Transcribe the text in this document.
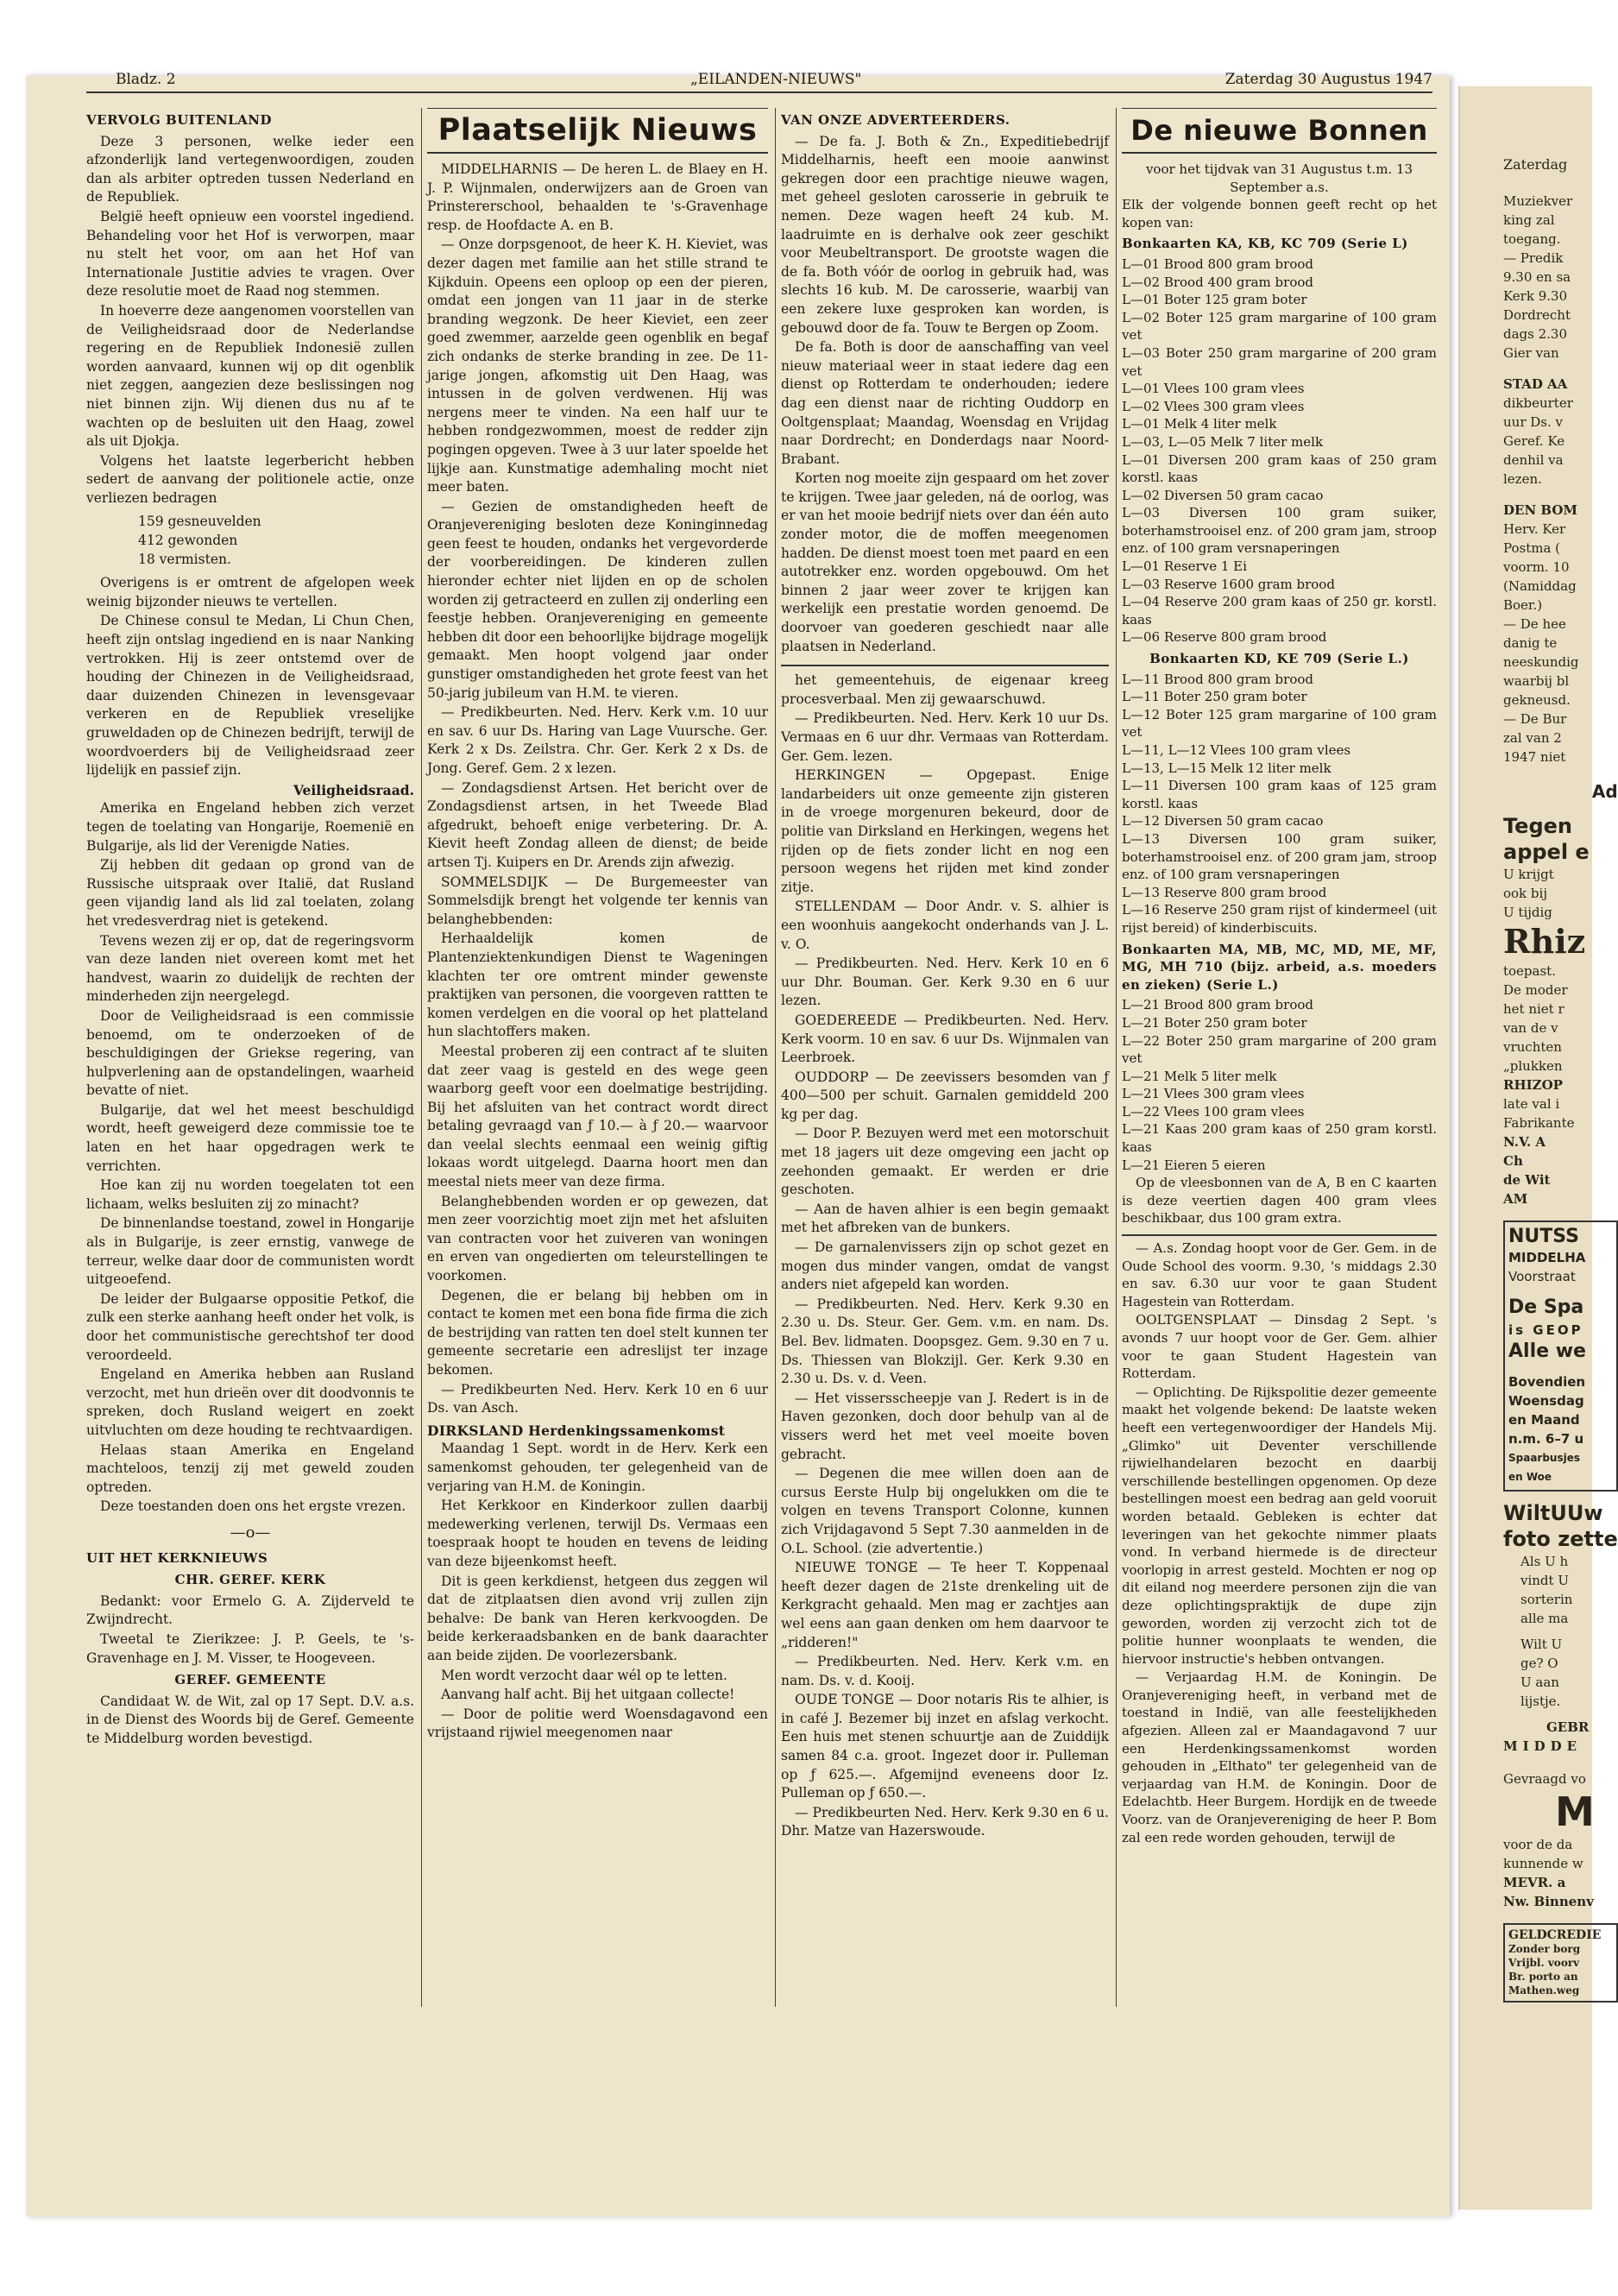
Zaterdag
Muziekver
king zal
toegang.
— Predik
9.30 en sa
Kerk 9.30
Dordrecht
dags 2.30
Gier van
STAD AA
dikbeurter
uur Ds. v
Geref. Ke
denhil va
lezen.
DEN BOM
Herv. Ker
Postma (
voorm. 10
(Namiddag
Boer.)
— De hee
danig te
neeskundig
waarbij bl
gekneusd.
— De Bur
zal van 2
1947 niet
Ad
Tegen
appel e
U krijgt
ook bij
U tijdig
Rhiz
toepast.
De moder
het niet r
van de v
vruchten
„plukken
RHIZOP
late val i
Fabrikante
N.V. A
Ch
de Wit
AM
NUTSS
MIDDELHA
Voorstraat
De Spa
is GEOP
Alle we
Bovendien
Woensdag
en Maand
n.m. 6–7 u
Spaarbusjes
en Woe
WiltUUw
foto zette
Als U h
vindt U
sorterin
alle ma
Wilt U
ge? O
U aan
lijstje.
GEBR
MIDDE
Gevraagd vo
M
voor de da
kunnende w
MEVR. a
Nw. Binnenv
GELDCREDIE
Zonder borg
Vrijbl. voorv
Br. porto an
Mathen.weg
Bladz. 2	„EILANDEN-NIEUWS"	Zaterdag 30 Augustus 1947
VERVOLG BUITENLAND

Deze 3 personen, welke ieder een afzonderlijk land vertegenwoordigen, zouden dan als arbiter optreden tussen Nederland en de Republiek.

België heeft opnieuw een voorstel ingediend. Behandeling voor het Hof is verworpen, maar nu stelt het voor, om aan het Hof van Internationale Justitie advies te vragen. Over deze resolutie moet de Raad nog stemmen.

In hoeverre deze aangenomen voorstellen van de Veiligheidsraad door de Nederlandse regering en de Republiek Indonesië zullen worden aanvaard, kunnen wij op dit ogenblik niet zeggen, aangezien deze beslissingen nog niet binnen zijn. Wij dienen dus nu af te wachten op de besluiten uit den Haag, zowel als uit Djokja.

Volgens het laatste legerbericht hebben sedert de aanvang der politionele actie, onze verliezen bedragen

159 gesneuvelden
412 gewonden
18 vermisten.

Overigens is er omtrent de afgelopen week weinig bijzonder nieuws te vertellen.

De Chinese consul te Medan, Li Chun Chen, heeft zijn ontslag ingediend en is naar Nanking vertrokken. Hij is zeer ontstemd over de houding der Chinezen in de Veiligheidsraad, daar duizenden Chinezen in levensgevaar verkeren en de Republiek vreselijke gruweldaden op de Chinezen bedrijft, terwijl de woordvoerders bij de Veiligheidsraad zeer lijdelijk en passief zijn.

Veiligheidsraad.

Amerika en Engeland hebben zich verzet tegen de toelating van Hongarije, Roemenië en Bulgarije, als lid der Verenigde Naties.

Zij hebben dit gedaan op grond van de Russische uitspraak over Italië, dat Rusland geen vijandig land als lid zal toelaten, zolang het vredesverdrag niet is getekend.

Tevens wezen zij er op, dat de regeringsvorm van deze landen niet overeen komt met het handvest, waarin zo duidelijk de rechten der minderheden zijn neergelegd.

Door de Veiligheidsraad is een commissie benoemd, om te onderzoeken of de beschuldigingen der Griekse regering, van hulpverlening aan de opstandelingen, waarheid bevatte of niet.

Bulgarije, dat wel het meest beschuldigd wordt, heeft geweigerd deze commissie toe te laten en het haar opgedragen werk te verrichten.

Hoe kan zij nu worden toegelaten tot een lichaam, welks besluiten zij zo minacht?

De binnenlandse toestand, zowel in Hongarije als in Bulgarije, is zeer ernstig, vanwege de terreur, welke daar door de communisten wordt uitgeoefend.

De leider der Bulgaarse oppositie Petkof, die zulk een sterke aanhang heeft onder het volk, is door het communistische gerechtshof ter dood veroordeeld.

Engeland en Amerika hebben aan Rusland verzocht, met hun drieën over dit doodvonnis te spreken, doch Rusland weigert en zoekt uitvluchten om deze houding te rechtvaardigen.

Helaas staan Amerika en Engeland machteloos, tenzij zij met geweld zouden optreden.

Deze toestanden doen ons het ergste vrezen.

—o—
UIT HET KERKNIEUWS
CHR. GEREF. KERK

Bedankt: voor Ermelo G. A. Zijderveld te Zwijndrecht.

Tweetal te Zierikzee: J. P. Geels, te 's-Gravenhage en J. M. Visser, te Hoogeveen.

GEREF. GEMEENTE

Candidaat W. de Wit, zal op 17 Sept. D.V. a.s. in de Dienst des Woords bij de Geref. Gemeente te Middelburg worden bevestigd.

Plaatselijk Nieuws

MIDDELHARNIS — De heren L. de Blaey en H. J. P. Wijnmalen, onderwijzers aan de Groen van Prinstererschool, behaalden te 's-Gravenhage resp. de Hoofdacte A. en B.

— Onze dorpsgenoot, de heer K. H. Kieviet, was dezer dagen met familie aan het stille strand te Kijkduin. Opeens een oploop op een der pieren, omdat een jongen van 11 jaar in de sterke branding wegzonk. De heer Kieviet, een zeer goed zwemmer, aarzelde geen ogenblik en begaf zich ondanks de sterke branding in zee. De 11-jarige jongen, afkomstig uit Den Haag, was intussen in de golven verdwenen. Hij was nergens meer te vinden. Na een half uur te hebben rondgezwommen, moest de redder zijn pogingen opgeven. Twee à 3 uur later spoelde het lijkje aan. Kunstmatige ademhaling mocht niet meer baten.

— Gezien de omstandigheden heeft de Oranjevereniging besloten deze Koninginnedag geen feest te houden, ondanks het vergevorderde der voorbereidingen. De kinderen zullen hieronder echter niet lijden en op de scholen worden zij getracteerd en zullen zij onderling een feestje hebben. Oranjevereniging en gemeente hebben dit door een behoorlijke bijdrage mogelijk gemaakt. Men hoopt volgend jaar onder gunstiger omstandigheden het grote feest van het 50-jarig jubileum van H.M. te vieren.

— Predikbeurten. Ned. Herv. Kerk v.m. 10 uur en sav. 6 uur Ds. Haring van Lage Vuursche. Ger. Kerk 2 x Ds. Zeilstra. Chr. Ger. Kerk 2 x Ds. de Jong. Geref. Gem. 2 x lezen.

— Zondagsdienst Artsen. Het bericht over de Zondagsdienst artsen, in het Tweede Blad afgedrukt, behoeft enige verbetering. Dr. A. Kievit heeft Zondag alleen de dienst; de beide artsen Tj. Kuipers en Dr. Arends zijn afwezig.

SOMMELSDIJK — De Burgemeester van Sommelsdijk brengt het volgende ter kennis van belanghebbenden:

Herhaaldelijk komen de Plantenziektenkundigen Dienst te Wageningen klachten ter ore omtrent minder gewenste praktijken van personen, die voorgeven rattten te komen verdelgen en die vooral op het platteland hun slachtoffers maken.

Meestal proberen zij een contract af te sluiten dat zeer vaag is gesteld en des wege geen waarborg geeft voor een doelmatige bestrijding. Bij het afsluiten van het contract wordt direct betaling gevraagd van ƒ 10.— à ƒ 20.— waarvoor dan veelal slechts eenmaal een weinig giftig lokaas wordt uitgelegd. Daarna hoort men dan meestal niets meer van deze firma.

Belanghebbenden worden er op gewezen, dat men zeer voorzichtig moet zijn met het afsluiten van contracten voor het zuiveren van woningen en erven van ongedierten om teleurstellingen te voorkomen.

Degenen, die er belang bij hebben om in contact te komen met een bona fide firma die zich de bestrijding van ratten ten doel stelt kunnen ter gemeente secretarie een adreslijst ter inzage bekomen.

— Predikbeurten Ned. Herv. Kerk 10 en 6 uur Ds. van Asch.

DIRKSLAND Herdenkingssamenkomst

Maandag 1 Sept. wordt in de Herv. Kerk een samenkomst gehouden, ter gelegenheid van de verjaring van H.M. de Koningin.

Het Kerkkoor en Kinderkoor zullen daarbij medewerking verlenen, terwijl Ds. Vermaas een toespraak hoopt te houden en tevens de leiding van deze bijeenkomst heeft.

Dit is geen kerkdienst, hetgeen dus zeggen wil dat de zitplaatsen dien avond vrij zullen zijn behalve: De bank van Heren kerkvoogden. De beide kerkeraadsbanken en de bank daarachter aan beide zijden. De voorlezersbank.

Men wordt verzocht daar wél op te letten.

Aanvang half acht. Bij het uitgaan collecte!

— Door de politie werd Woensdagavond een vrijstaand rijwiel meegenomen naar

VAN ONZE ADVERTEERDERS.

— De fa. J. Both & Zn., Expeditiebedrijf Middelharnis, heeft een mooie aanwinst gekregen door een prachtige nieuwe wagen, met geheel gesloten carosserie in gebruik te nemen. Deze wagen heeft 24 kub. M. laadruimte en is derhalve ook zeer geschikt voor Meubeltransport. De grootste wagen die de fa. Both vóór de oorlog in gebruik had, was slechts 16 kub. M. De carosserie, waarbij van een zekere luxe gesproken kan worden, is gebouwd door de fa. Touw te Bergen op Zoom.

De fa. Both is door de aanschaffing van veel nieuw materiaal weer in staat iedere dag een dienst op Rotterdam te onderhouden; iedere dag een dienst naar de richting Ouddorp en Ooltgensplaat; Maandag, Woensdag en Vrijdag naar Dordrecht; en Donderdags naar Noord-Brabant.

Korten nog moeite zijn gespaard om het zover te krijgen. Twee jaar geleden, ná de oorlog, was er van het mooie bedrijf niets over dan één auto zonder motor, die de moffen meegenomen hadden. De dienst moest toen met paard en een autotrekker enz. worden opgebouwd. Om het binnen 2 jaar weer zover te krijgen kan werkelijk een prestatie worden genoemd. De doorvoer van goederen geschiedt naar alle plaatsen in Nederland.

het gemeentehuis, de eigenaar kreeg procesverbaal. Men zij gewaarschuwd.

— Predikbeurten. Ned. Herv. Kerk 10 uur Ds. Vermaas en 6 uur dhr. Vermaas van Rotterdam. Ger. Gem. lezen.

HERKINGEN — Opgepast. Enige landarbeiders uit onze gemeente zijn gisteren in de vroege morgenuren bekeurd, door de politie van Dirksland en Herkingen, wegens het rijden op de fiets zonder licht en nog een persoon wegens het rijden met kind zonder zitje.

STELLENDAM — Door Andr. v. S. alhier is een woonhuis aangekocht onderhands van J. L. v. O.

— Predikbeurten. Ned. Herv. Kerk 10 en 6 uur Dhr. Bouman. Ger. Kerk 9.30 en 6 uur lezen.

GOEDEREEDE — Predikbeurten. Ned. Herv. Kerk voorm. 10 en sav. 6 uur Ds. Wijnmalen van Leerbroek.

OUDDORP — De zeevissers besomden van ƒ 400—500 per schuit. Garnalen gemiddeld 200 kg per dag.

— Door P. Bezuyen werd met een motorschuit met 18 jagers uit deze omgeving een jacht op zeehonden gemaakt. Er werden er drie geschoten.

— Aan de haven alhier is een begin gemaakt met het afbreken van de bunkers.

— De garnalenvissers zijn op schot gezet en mogen dus minder vangen, omdat de vangst anders niet afgepeld kan worden.

— Predikbeurten. Ned. Herv. Kerk 9.30 en 2.30 u. Ds. Steur. Ger. Gem. v.m. en nam. Ds. Bel. Bev. lidmaten. Doopsgez. Gem. 9.30 en 7 u. Ds. Thiessen van Blokzijl. Ger. Kerk 9.30 en 2.30 u. Ds. v. d. Veen.

— Het vissersscheepje van J. Redert is in de Haven gezonken, doch door behulp van al de vissers werd het met veel moeite boven gebracht.

— Degenen die mee willen doen aan de cursus Eerste Hulp bij ongelukken om die te volgen en tevens Transport Colonne, kunnen zich Vrijdagavond 5 Sept 7.30 aanmelden in de O.L. School. (zie advertentie.)

NIEUWE TONGE — Te heer T. Koppenaal heeft dezer dagen de 21ste drenkeling uit de Kerkgracht gehaald. Men mag er zachtjes aan wel eens aan gaan denken om hem daarvoor te „ridderen!"

— Predikbeurten. Ned. Herv. Kerk v.m. en nam. Ds. v. d. Kooij.

OUDE TONGE — Door notaris Ris te alhier, is in café J. Bezemer bij inzet en afslag verkocht. Een huis met stenen schuurtje aan de Zuiddijk samen 84 c.a. groot. Ingezet door ir. Pulleman op ƒ 625.—. Afgemijnd eveneens door Iz. Pulleman op ƒ 650.—.

— Predikbeurten Ned. Herv. Kerk 9.30 en 6 u. Dhr. Matze van Hazerswoude.

De nieuwe Bonnen
voor het tijdvak van 31 Augustus t.m. 13 September a.s.

Elk der volgende bonnen geeft recht op het kopen van:

Bonkaarten KA, KB, KC 709 (Serie L)
L—01 Brood 800 gram brood
L—02 Brood 400 gram brood
L—01 Boter 125 gram boter
L—02 Boter 125 gram margarine of 100 gram vet
L—03 Boter 250 gram margarine of 200 gram vet
L—01 Vlees 100 gram vlees
L—02 Vlees 300 gram vlees
L—01 Melk 4 liter melk
L—03, L—05 Melk 7 liter melk
L—01 Diversen 200 gram kaas of 250 gram korstl. kaas
L—02 Diversen 50 gram cacao
L—03 Diversen 100 gram suiker, boterhamstrooisel enz. of 200 gram jam, stroop enz. of 100 gram versnaperingen
L—01 Reserve 1 Ei
L—03 Reserve 1600 gram brood
L—04 Reserve 200 gram kaas of 250 gr. korstl. kaas
L—06 Reserve 800 gram brood
Bonkaarten KD, KE 709 (Serie L.)
L—11 Brood 800 gram brood
L—11 Boter 250 gram boter
L—12 Boter 125 gram margarine of 100 gram vet
L—11, L—12 Vlees 100 gram vlees
L—13, L—15 Melk 12 liter melk
L—11 Diversen 100 gram kaas of 125 gram korstl. kaas
L—12 Diversen 50 gram cacao
L—13 Diversen 100 gram suiker, boterhamstrooisel enz. of 200 gram jam, stroop enz. of 100 gram versnaperingen
L—13 Reserve 800 gram brood
L—16 Reserve 250 gram rijst of kindermeel (uit rijst bereid) of kinderbiscuits.
Bonkaarten MA, MB, MC, MD, ME, MF, MG, MH 710 (bijz. arbeid, a.s. moeders en zieken) (Serie L.)
L—21 Brood 800 gram brood
L—21 Boter 250 gram boter
L—22 Boter 250 gram margarine of 200 gram vet
L—21 Melk 5 liter melk
L—21 Vlees 300 gram vlees
L—22 Vlees 100 gram vlees
L—21 Kaas 200 gram kaas of 250 gram korstl. kaas
L—21 Eieren 5 eieren

Op de vleesbonnen van de A, B en C kaarten is deze veertien dagen 400 gram vlees beschikbaar, dus 100 gram extra.

— A.s. Zondag hoopt voor de Ger. Gem. in de Oude School des voorm. 9.30, 's middags 2.30 en sav. 6.30 uur voor te gaan Student Hagestein van Rotterdam.

OOLTGENSPLAAT — Dinsdag 2 Sept. 's avonds 7 uur hoopt voor de Ger. Gem. alhier voor te gaan Student Hagestein van Rotterdam.

— Oplichting. De Rijkspolitie dezer gemeente maakt het volgende bekend: De laatste weken heeft een vertegenwoordiger der Handels Mij. „Glimko" uit Deventer verschillende rijwielhandelaren bezocht en daarbij verschillende bestellingen opgenomen. Op deze bestellingen moest een bedrag aan geld vooruit worden betaald. Gebleken is echter dat leveringen van het gekochte nimmer plaats vond. In verband hiermede is de directeur voorlopig in arrest gesteld. Mochten er nog op dit eiland nog meerdere personen zijn die van deze oplichtingspraktijk de dupe zijn geworden, worden zij verzocht zich tot de politie hunner woonplaats te wenden, die hiervoor instructie's hebben ontvangen.

— Verjaardag H.M. de Koningin. De Oranjevereniging heeft, in verband met de toestand in Indië, van alle feestelijkheden afgezien. Alleen zal er Maandagavond 7 uur een Herdenkingssamenkomst worden gehouden in „Elthato" ter gelegenheid van de verjaardag van H.M. de Koningin. Door de Edelachtb. Heer Burgem. Hordijk en de tweede Voorz. van de Oranjevereniging de heer P. Bom zal een rede worden gehouden, terwijl de
